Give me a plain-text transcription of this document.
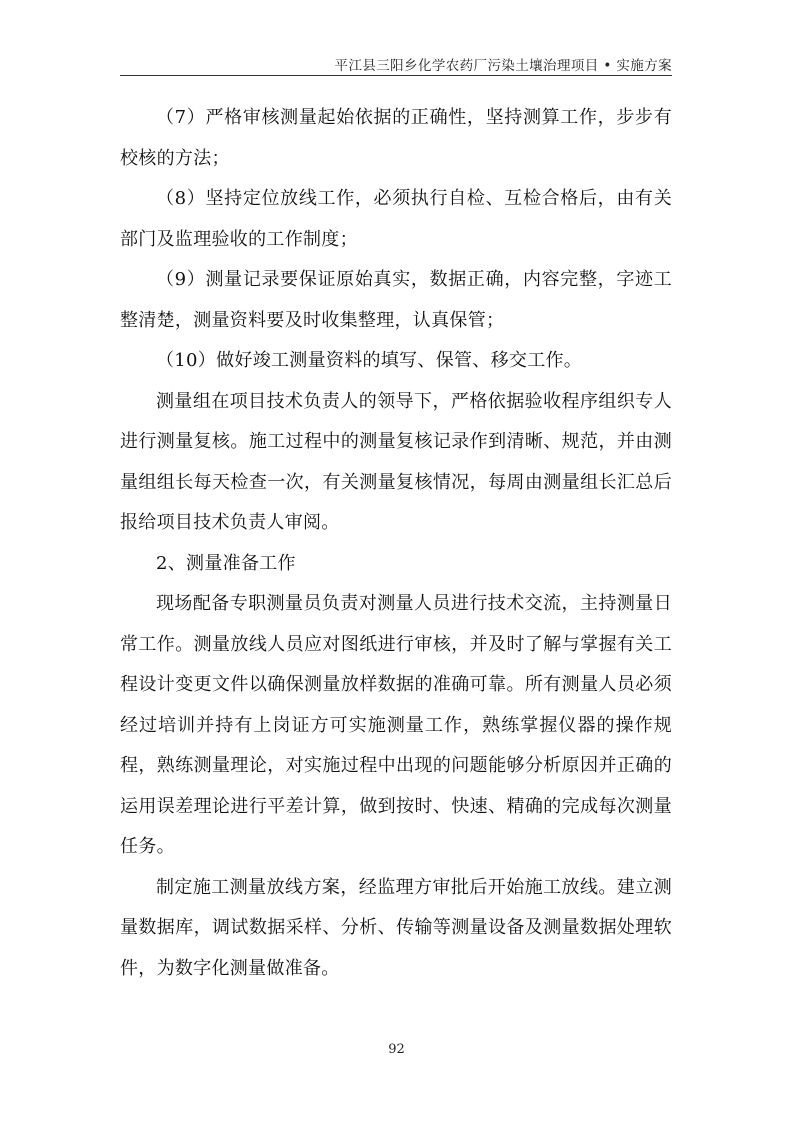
平江县三阳乡化学农药厂污染土壤治理项目 • 实施方案

（7）严格审核测量起始依据的正确性，坚持测算工作，步步有校核的方法；

（8）坚持定位放线工作，必须执行自检、互检合格后，由有关部门及监理验收的工作制度；

（9）测量记录要保证原始真实，数据正确，内容完整，字迹工整清楚，测量资料要及时收集整理，认真保管；

（10）做好竣工测量资料的填写、保管、移交工作。

测量组在项目技术负责人的领导下，严格依据验收程序组织专人进行测量复核。施工过程中的测量复核记录作到清晰、规范，并由测量组组长每天检查一次，有关测量复核情况，每周由测量组长汇总后报给项目技术负责人审阅。

2、测量准备工作

现场配备专职测量员负责对测量人员进行技术交流，主持测量日常工作。测量放线人员应对图纸进行审核，并及时了解与掌握有关工程设计变更文件以确保测量放样数据的准确可靠。所有测量人员必须经过培训并持有上岗证方可实施测量工作，熟练掌握仪器的操作规程，熟练测量理论，对实施过程中出现的问题能够分析原因并正确的运用误差理论进行平差计算，做到按时、快速、精确的完成每次测量任务。

制定施工测量放线方案，经监理方审批后开始施工放线。建立测量数据库，调试数据采样、分析、传输等测量设备及测量数据处理软件，为数字化测量做准备。

92
